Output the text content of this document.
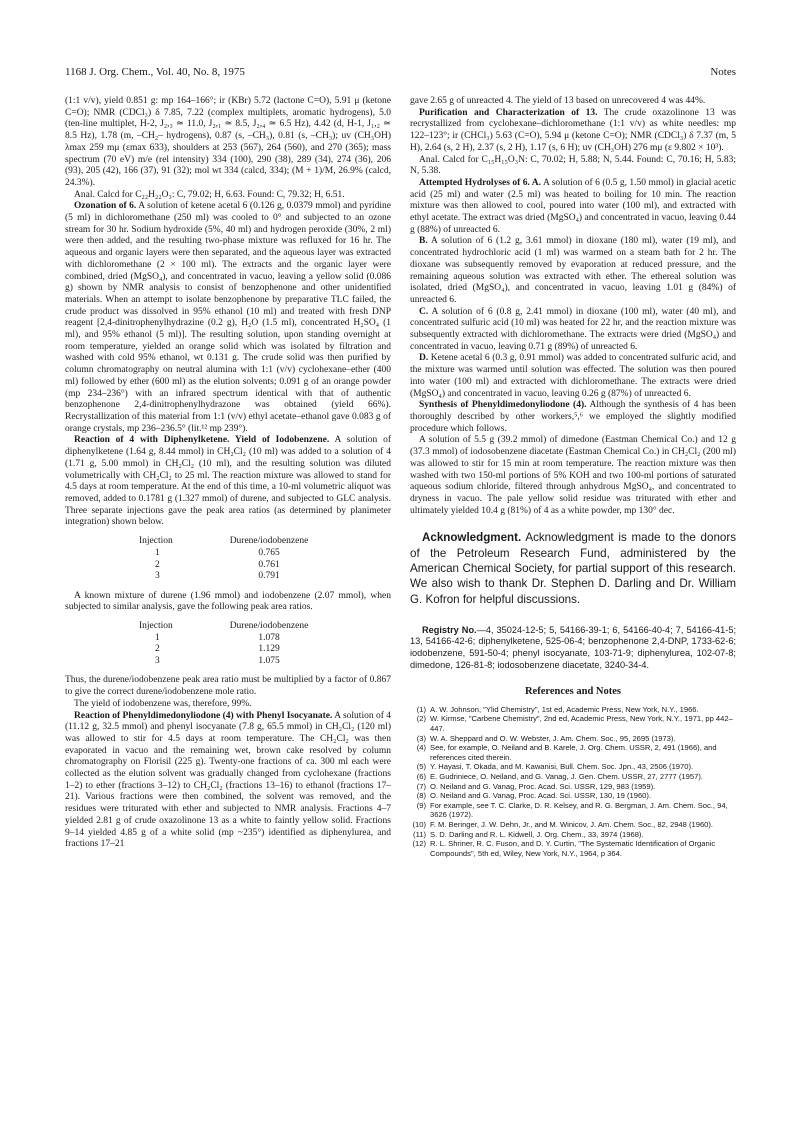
1168 J. Org. Chem., Vol. 40, No. 8, 1975	Notes

(1:1 v/v), yield 0.851 g: mp 164–166°; ir (KBr) 5.72 (lactone C=O), 5.91 μ (ketone C=O); NMR (CDCl₃) δ 7.85, 7.22 (complex multiplets, aromatic hydrogens), 5.0 (ten-line multiplet, H-2, J₂,₃ ≃ 11.0, J₂,₁ ≃ 8.5, J₂,₄ ≃ 6.5 Hz), 4.42 (d, H-1, J₁,₂ ≃ 8.5 Hz), 1.78 (m, –CH₂– hydrogens), 0.87 (s, –CH₃), 0.81 (s, –CH₃); uv (CH₃OH) λmax 259 mμ (εmax 633), shoulders at 253 (567), 264 (560), and 270 (365); mass spectrum (70 eV) m/e (rel intensity) 334 (100), 290 (38), 289 (34), 274 (36), 206 (93), 205 (42), 166 (37), 91 (32); mol wt 334 (calcd, 334); (M + 1)/M, 26.9% (calcd, 24.3%).

Anal. Calcd for C₂₂H₂₂O₃: C, 79.02; H, 6.63. Found: C, 79.32; H, 6.51.

Ozonation of 6. A solution of ketene acetal 6 (0.126 g, 0.0379 mmol) and pyridine (5 ml) in dichloromethane (250 ml) was cooled to 0° and subjected to an ozone stream for 30 hr. Sodium hydroxide (5%, 40 ml) and hydrogen peroxide (30%, 2 ml) were then added, and the resulting two-phase mixture was refluxed for 16 hr. The aqueous and organic layers were then separated, and the aqueous layer was extracted with dichloromethane (2 × 100 ml). The extracts and the organic layer were combined, dried (MgSO₄), and concentrated in vacuo, leaving a yellow solid (0.086 g) shown by NMR analysis to consist of benzophenone and other unidentified materials. When an attempt to isolate benzophenone by preparative TLC failed, the crude product was dissolved in 95% ethanol (10 ml) and treated with fresh DNP reagent [2,4-dinitrophenylhydrazine (0.2 g), H₂O (1.5 ml), concentrated H₂SO₄ (1 ml), and 95% ethanol (5 ml)]. The resulting solution, upon standing overnight at room temperature, yielded an orange solid which was isolated by filtration and washed with cold 95% ethanol, wt 0.131 g. The crude solid was then purified by column chromatography on neutral alumina with 1:1 (v/v) cyclohexane–ether (400 ml) followed by ether (600 ml) as the elution solvents; 0.091 g of an orange powder (mp 234–236°) with an infrared spectrum identical with that of authentic benzophenone 2,4-dinitrophenylhydrazone was obtained (yield 66%). Recrystallization of this material from 1:1 (v/v) ethyl acetate–ethanol gave 0.083 g of orange crystals, mp 236–236.5° (lit.¹² mp 239°).

Reaction of 4 with Diphenylketene. Yield of Iodobenzene. A solution of diphenylketene (1.64 g, 8.44 mmol) in CH₂Cl₂ (10 ml) was added to a solution of 4 (1.71 g, 5.00 mmol) in CH₂Cl₂ (10 ml), and the resulting solution was diluted volumetrically with CH₂Cl₂ to 25 ml. The reaction mixture was allowed to stand for 4.5 days at room temperature. At the end of this time, a 10-ml volumetric aliquot was removed, added to 0.1781 g (1.327 mmol) of durene, and subjected to GLC analysis. Three separate injections gave the peak area ratios (as determined by planimeter integration) shown below.

Injection	Durene/iodobenzene
1	0.765
2	0.761
3	0.791

A known mixture of durene (1.96 mmol) and iodobenzene (2.07 mmol), when subjected to similar analysis, gave the following peak area ratios.

Injection	Durene/iodobenzene
1	1.078
2	1.129
3	1.075

Thus, the durene/iodobenzene peak area ratio must be multiplied by a factor of 0.867 to give the correct durene/iodobenzene mole ratio.

The yield of iodobenzene was, therefore, 99%.

Reaction of Phenyldimedonyliodone (4) with Phenyl Isocyanate. A solution of 4 (11.12 g, 32.5 mmol) and phenyl isocyanate (7.8 g, 65.5 mmol) in CH₂Cl₂ (120 ml) was allowed to stir for 4.5 days at room temperature. The CH₂Cl₂ was then evaporated in vacuo and the remaining wet, brown cake resolved by column chromatography on Florisil (225 g). Twenty-one fractions of ca. 300 ml each were collected as the elution solvent was gradually changed from cyclohexane (fractions 1–2) to ether (fractions 3–12) to CH₂Cl₂ (fractions 13–16) to ethanol (fractions 17–21). Various fractions were then combined, the solvent was removed, and the residues were triturated with ether and subjected to NMR analysis. Fractions 4–7 yielded 2.81 g of crude oxazolinone 13 as a white to faintly yellow solid. Fractions 9–14 yielded 4.85 g of a white solid (mp ~235°) identified as diphenylurea, and fractions 17–21

gave 2.65 g of unreacted 4. The yield of 13 based on unrecovered 4 was 44%.

Purification and Characterization of 13. The crude oxazolinone 13 was recrystallized from cyclohexane–dichloromethane (1:1 v/v) as white needles: mp 122–123°; ir (CHCl₃) 5.63 (C=O), 5.94 μ (ketone C=O); NMR (CDCl₃) δ 7.37 (m, 5 H), 2.64 (s, 2 H), 2.37 (s, 2 H), 1.17 (s, 6 H); uv (CH₃OH) 276 mμ (ε 9.802 × 10³).

Anal. Calcd for C₁₅H₁₅O₃N: C, 70.02; H, 5.88; N, 5.44. Found: C, 70.16; H, 5.83; N, 5.38.

Attempted Hydrolyses of 6. A. A solution of 6 (0.5 g, 1.50 mmol) in glacial acetic acid (25 ml) and water (2.5 ml) was heated to boiling for 10 min. The reaction mixture was then allowed to cool, poured into water (100 ml), and extracted with ethyl acetate. The extract was dried (MgSO₄) and concentrated in vacuo, leaving 0.44 g (88%) of unreacted 6.

B. A solution of 6 (1.2 g, 3.61 mmol) in dioxane (180 ml), water (19 ml), and concentrated hydrochloric acid (1 ml) was warmed on a steam bath for 2 hr. The dioxane was subsequently removed by evaporation at reduced pressure, and the remaining aqueous solution was extracted with ether. The ethereal solution was isolated, dried (MgSO₄), and concentrated in vacuo, leaving 1.01 g (84%) of unreacted 6.

C. A solution of 6 (0.8 g, 2.41 mmol) in dioxane (100 ml), water (40 ml), and concentrated sulfuric acid (10 ml) was heated for 22 hr, and the reaction mixture was subsequently extracted with dichloromethane. The extracts were dried (MgSO₄) and concentrated in vacuo, leaving 0.71 g (89%) of unreacted 6.

D. Ketene acetal 6 (0.3 g, 0.91 mmol) was added to concentrated sulfuric acid, and the mixture was warmed until solution was effected. The solution was then poured into water (100 ml) and extracted with dichloromethane. The extracts were dried (MgSO₄) and concentrated in vacuo, leaving 0.26 g (87%) of unreacted 6.

Synthesis of Phenyldimedonyliodone (4). Although the synthesis of 4 has been thoroughly described by other workers,⁵,⁶ we employed the slightly modified procedure which follows.

A solution of 5.5 g (39.2 mmol) of dimedone (Eastman Chemical Co.) and 12 g (37.3 mmol) of iodosobenzene diacetate (Eastman Chemical Co.) in CH₂Cl₂ (200 ml) was allowed to stir for 15 min at room temperature. The reaction mixture was then washed with two 150-ml portions of 5% KOH and two 100-ml portions of saturated aqueous sodium chloride, filtered through anhydrous MgSO₄, and concentrated to dryness in vacuo. The pale yellow solid residue was triturated with ether and ultimately yielded 10.4 g (81%) of 4 as a white powder, mp 130° dec.

Acknowledgment. Acknowledgment is made to the donors of the Petroleum Research Fund, administered by the American Chemical Society, for partial support of this research. We also wish to thank Dr. Stephen D. Darling and Dr. William G. Kofron for helpful discussions.
Registry No.—4, 35024-12-5; 5, 54166-39-1; 6, 54166-40-4; 7, 54166-41-5; 13, 54166-42-6; diphenylketene, 525-06-4; benzophenone 2,4-DNP, 1733-62-6; iodobenzene, 591-50-4; phenyl isocyanate, 103-71-9; diphenylurea, 102-07-8; dimedone, 126-81-8; iodosobenzene diacetate, 3240-34-4.
References and Notes
(1) A. W. Johnson, "Ylid Chemistry", 1st ed, Academic Press, New York, N.Y., 1966.
(2) W. Kirmse, "Carbene Chemistry", 2nd ed, Academic Press, New York, N.Y., 1971, pp 442–447.
(3) W. A. Sheppard and O. W. Webster, J. Am. Chem. Soc., 95, 2695 (1973).
(4) See, for example, O. Neiland and B. Karele, J. Org. Chem. USSR, 2, 491 (1966), and references cited therein.
(5) Y. Hayasi, T. Okada, and M. Kawanisi, Bull. Chem. Soc. Jpn., 43, 2506 (1970).
(6) E. Gudriniece, O. Neiland, and G. Vanag, J. Gen. Chem. USSR, 27, 2777 (1957).
(7) O. Neiland and G. Vanag, Proc. Acad. Sci. USSR, 129, 983 (1959).
(8) O. Neiland and G. Vanag, Proc. Acad. Sci. USSR, 130, 19 (1960).
(9) For example, see T. C. Clarke, D. R. Kelsey, and R. G. Bergman, J. Am. Chem. Soc., 94, 3626 (1972).
(10) F. M. Beringer, J. W. Dehn, Jr., and M. Winicov, J. Am. Chem. Soc., 82, 2948 (1960).
(11) S. D. Darling and R. L. Kidwell, J. Org. Chem., 33, 3974 (1968).
(12) R. L. Shriner, R. C. Fuson, and D. Y. Curtin, "The Systematic Identification of Organic Compounds", 5th ed, Wiley, New York, N.Y., 1964, p 364.
